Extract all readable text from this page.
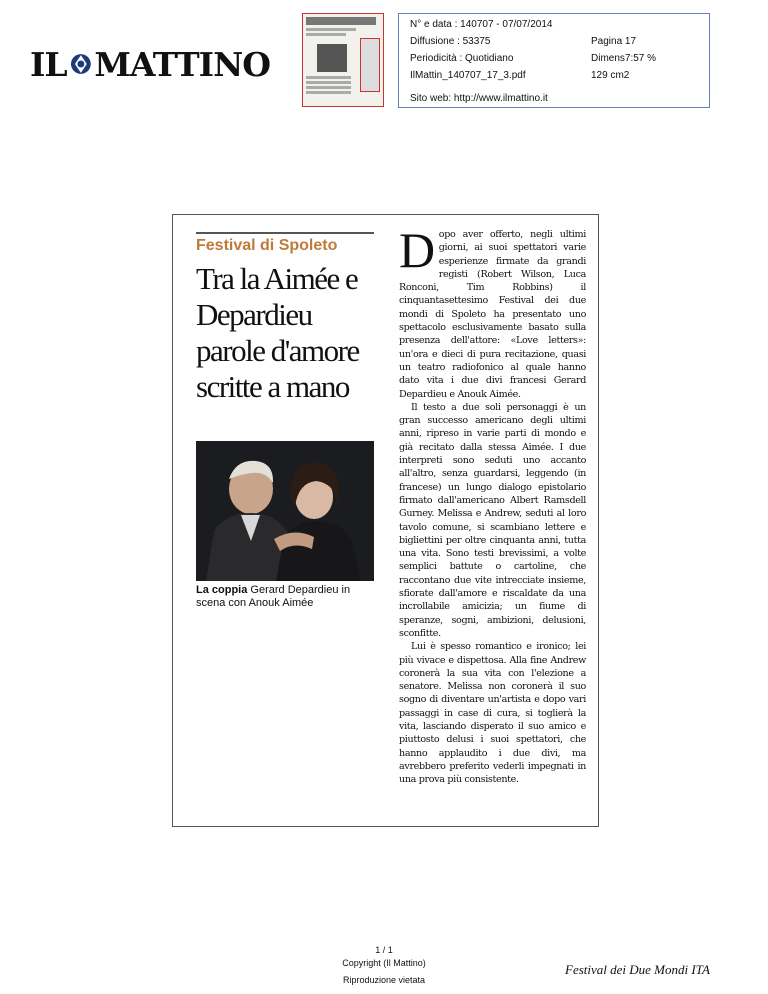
IL MATTINO
N° e data : 140707 - 07/07/2014
Diffusione : 53375
Periodicità : Quotidiano
IlMattin_140707_17_3.pdf
Pagina 17
Dimens7:57 %
129 cm2
Sito web: http://www.ilmattino.it
Festival di Spoleto
Tra la Aimée e Depardieu parole d'amore scritte a mano
La coppia Gerard Depardieu in scena con Anouk Aimée

Dopo aver offerto, negli ultimi giorni, ai suoi spettatori varie esperienze firmate da grandi registi (Robert Wilson, Luca Ronconi, Tim Robbins) il cinquantasettesimo Festival dei due mondi di Spoleto ha presentato uno spettacolo esclusivamente basato sulla presenza dell'attore: «Love letters»: un'ora e dieci di pura recitazione, quasi un teatro radiofonico al quale hanno dato vita i due divi francesi Gerard Depardieu e Anouk Aimée.

Il testo a due soli personaggi è un gran successo americano degli ultimi anni, ripreso in varie parti di mondo e già recitato dalla stessa Aimée. I due interpreti sono seduti uno accanto all'altro, senza guardarsi, leggendo (in francese) un lungo dialogo epistolario firmato dall'americano Albert Ramsdell Gurney. Melissa e Andrew, seduti al loro tavolo comune, si scambiano lettere e bigliettini per oltre cinquanta anni, tutta una vita. Sono testi brevissimi, a volte semplici battute o cartoline, che raccontano due vite intrecciate insieme, sfiorate dall'amore e riscaldate da una incrollabile amicizia; un fiume di speranze, sogni, ambizioni, delusioni, sconfitte.

Lui è spesso romantico e ironico; lei più vivace e dispettosa. Alla fine Andrew coronerà la sua vita con l'elezione a senatore. Melissa non coronerà il suo sogno di diventare un'artista e dopo vari passaggi in case di cura, si toglierà la vita, lasciando disperato il suo amico e piuttosto delusi i suoi spettatori, che hanno applaudito i due divi, ma avrebbero preferito vederli impegnati in una prova più consistente.

1 / 1
Copyright (Il Mattino)
Riproduzione vietata
Festival dei Due Mondi ITA
